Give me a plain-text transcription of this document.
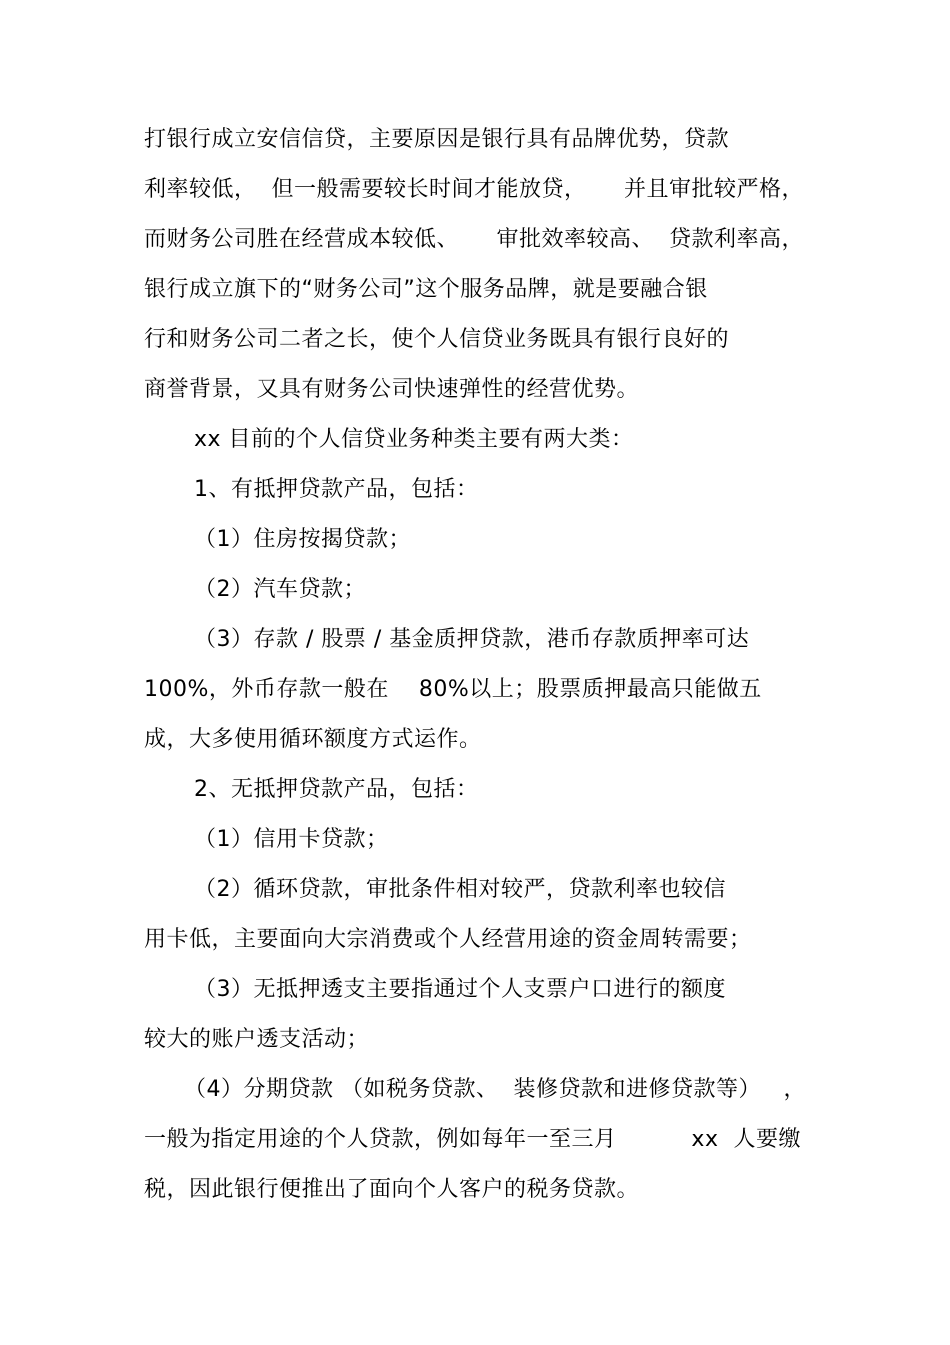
打银行成立安信信贷，主要原因是银行具有品牌优势，贷款
利率较低，  但一般需要较长时间才能放贷，     并且审批较严格，
而财务公司胜在经营成本较低、     审批效率较高、  贷款利率高，
银行成立旗下的“财务公司”这个服务品牌，就是要融合银
行和财务公司二者之长，使个人信贷业务既具有银行良好的
商誉背景，又具有财务公司快速弹性的经营优势。
xx 目前的个人信贷业务种类主要有两大类：
1、有抵押贷款产品，包括：
（1）住房按揭贷款；
（2）汽车贷款；
（3）存款 / 股票 / 基金质押贷款，港币存款质押率可达
100%，外币存款一般在    80%以上；股票质押最高只能做五
成，大多使用循环额度方式运作。
2、无抵押贷款产品，包括：
（1）信用卡贷款；
（2）循环贷款，审批条件相对较严，贷款利率也较信
用卡低，主要面向大宗消费或个人经营用途的资金周转需要；
（3）无抵押透支主要指通过个人支票户口进行的额度
较大的账户透支活动；
（4）分期贷款 （如税务贷款、  装修贷款和进修贷款等）   ，
一般为指定用途的个人贷款，例如每年一至三月          xx  人要缴
税，因此银行便推出了面向个人客户的税务贷款。
